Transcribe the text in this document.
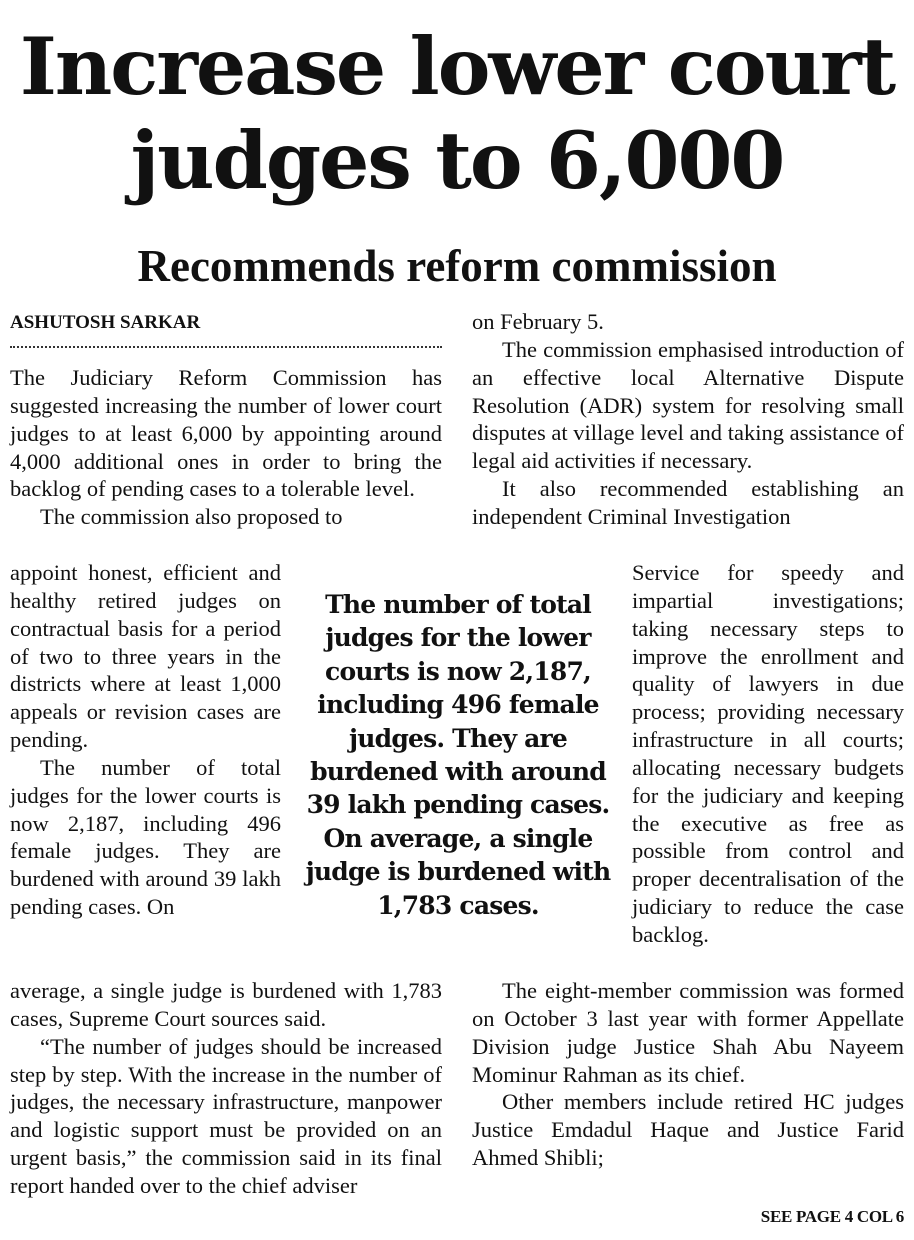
Increase lower court
judges to 6,000
Recommends reform commission
ASHUTOSH SARKAR

The Judiciary Reform Commission has suggested increasing the number of lower court judges to at least 6,000 by appointing around 4,000 additional ones in order to bring the backlog of pending cases to a tolerable level.

The commission also proposed to

appoint honest, efficient and healthy retired judges on contractual basis for a period of two to three years in the districts where at least 1,000 appeals or revision cases are pending.

The number of total judges for the lower courts is now 2,187, including 496 female judges. They are burdened with around 39 lakh pending cases. On

average, a single judge is burdened with 1,783 cases, Supreme Court sources said.

“The number of judges should be increased step by step. With the increase in the number of judges, the necessary infrastructure, manpower and logistic support must be provided on an urgent basis,” the commission said in its final report handed over to the chief adviser

on February 5.

The commission emphasised introduction of an effective local Alternative Dispute Resolution (ADR) system for resolving small disputes at village level and taking assistance of legal aid activities if necessary.

It also recommended establishing an independent Criminal Investigation

Service for speedy and impartial investigations; taking necessary steps to improve the enrollment and quality of lawyers in due process; providing necessary infrastructure in all courts; allocating necessary budgets for the judiciary and keeping the executive as free as possible from control and proper decentralisation of the judiciary to reduce the case backlog.

The eight-member commission was formed on October 3 last year with former Appellate Division judge Justice Shah Abu Nayeem Mominur Rahman as its chief.

Other members include retired HC judges Justice Emdadul Haque and Justice Farid Ahmed Shibli;

The number of total judges for the lower courts is now 2,187, including 496 female judges. They are burdened with around 39 lakh pending cases. On average, a single judge is burdened with 1,783 cases.

SEE PAGE 4 COL 6
